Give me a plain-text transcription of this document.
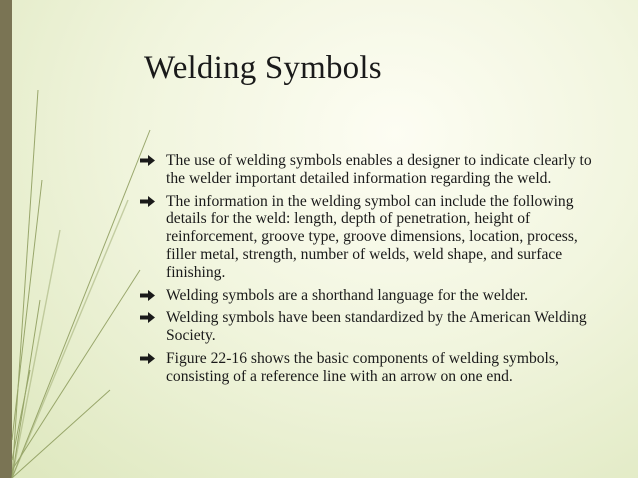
Welding Symbols
The use of welding symbols enables a designer to indicate clearly to the welder important detailed information regarding the weld.
The information in the welding symbol can include the following details for the weld: length, depth of penetration, height of reinforcement, groove type, groove dimensions, location, process, filler metal, strength, number of welds, weld shape, and surface finishing.
Welding symbols are a shorthand language for the welder.
Welding symbols have been standardized by the American Welding Society.
Figure 22-16 shows the basic components of welding symbols, consisting of a reference line with an arrow on one end.
